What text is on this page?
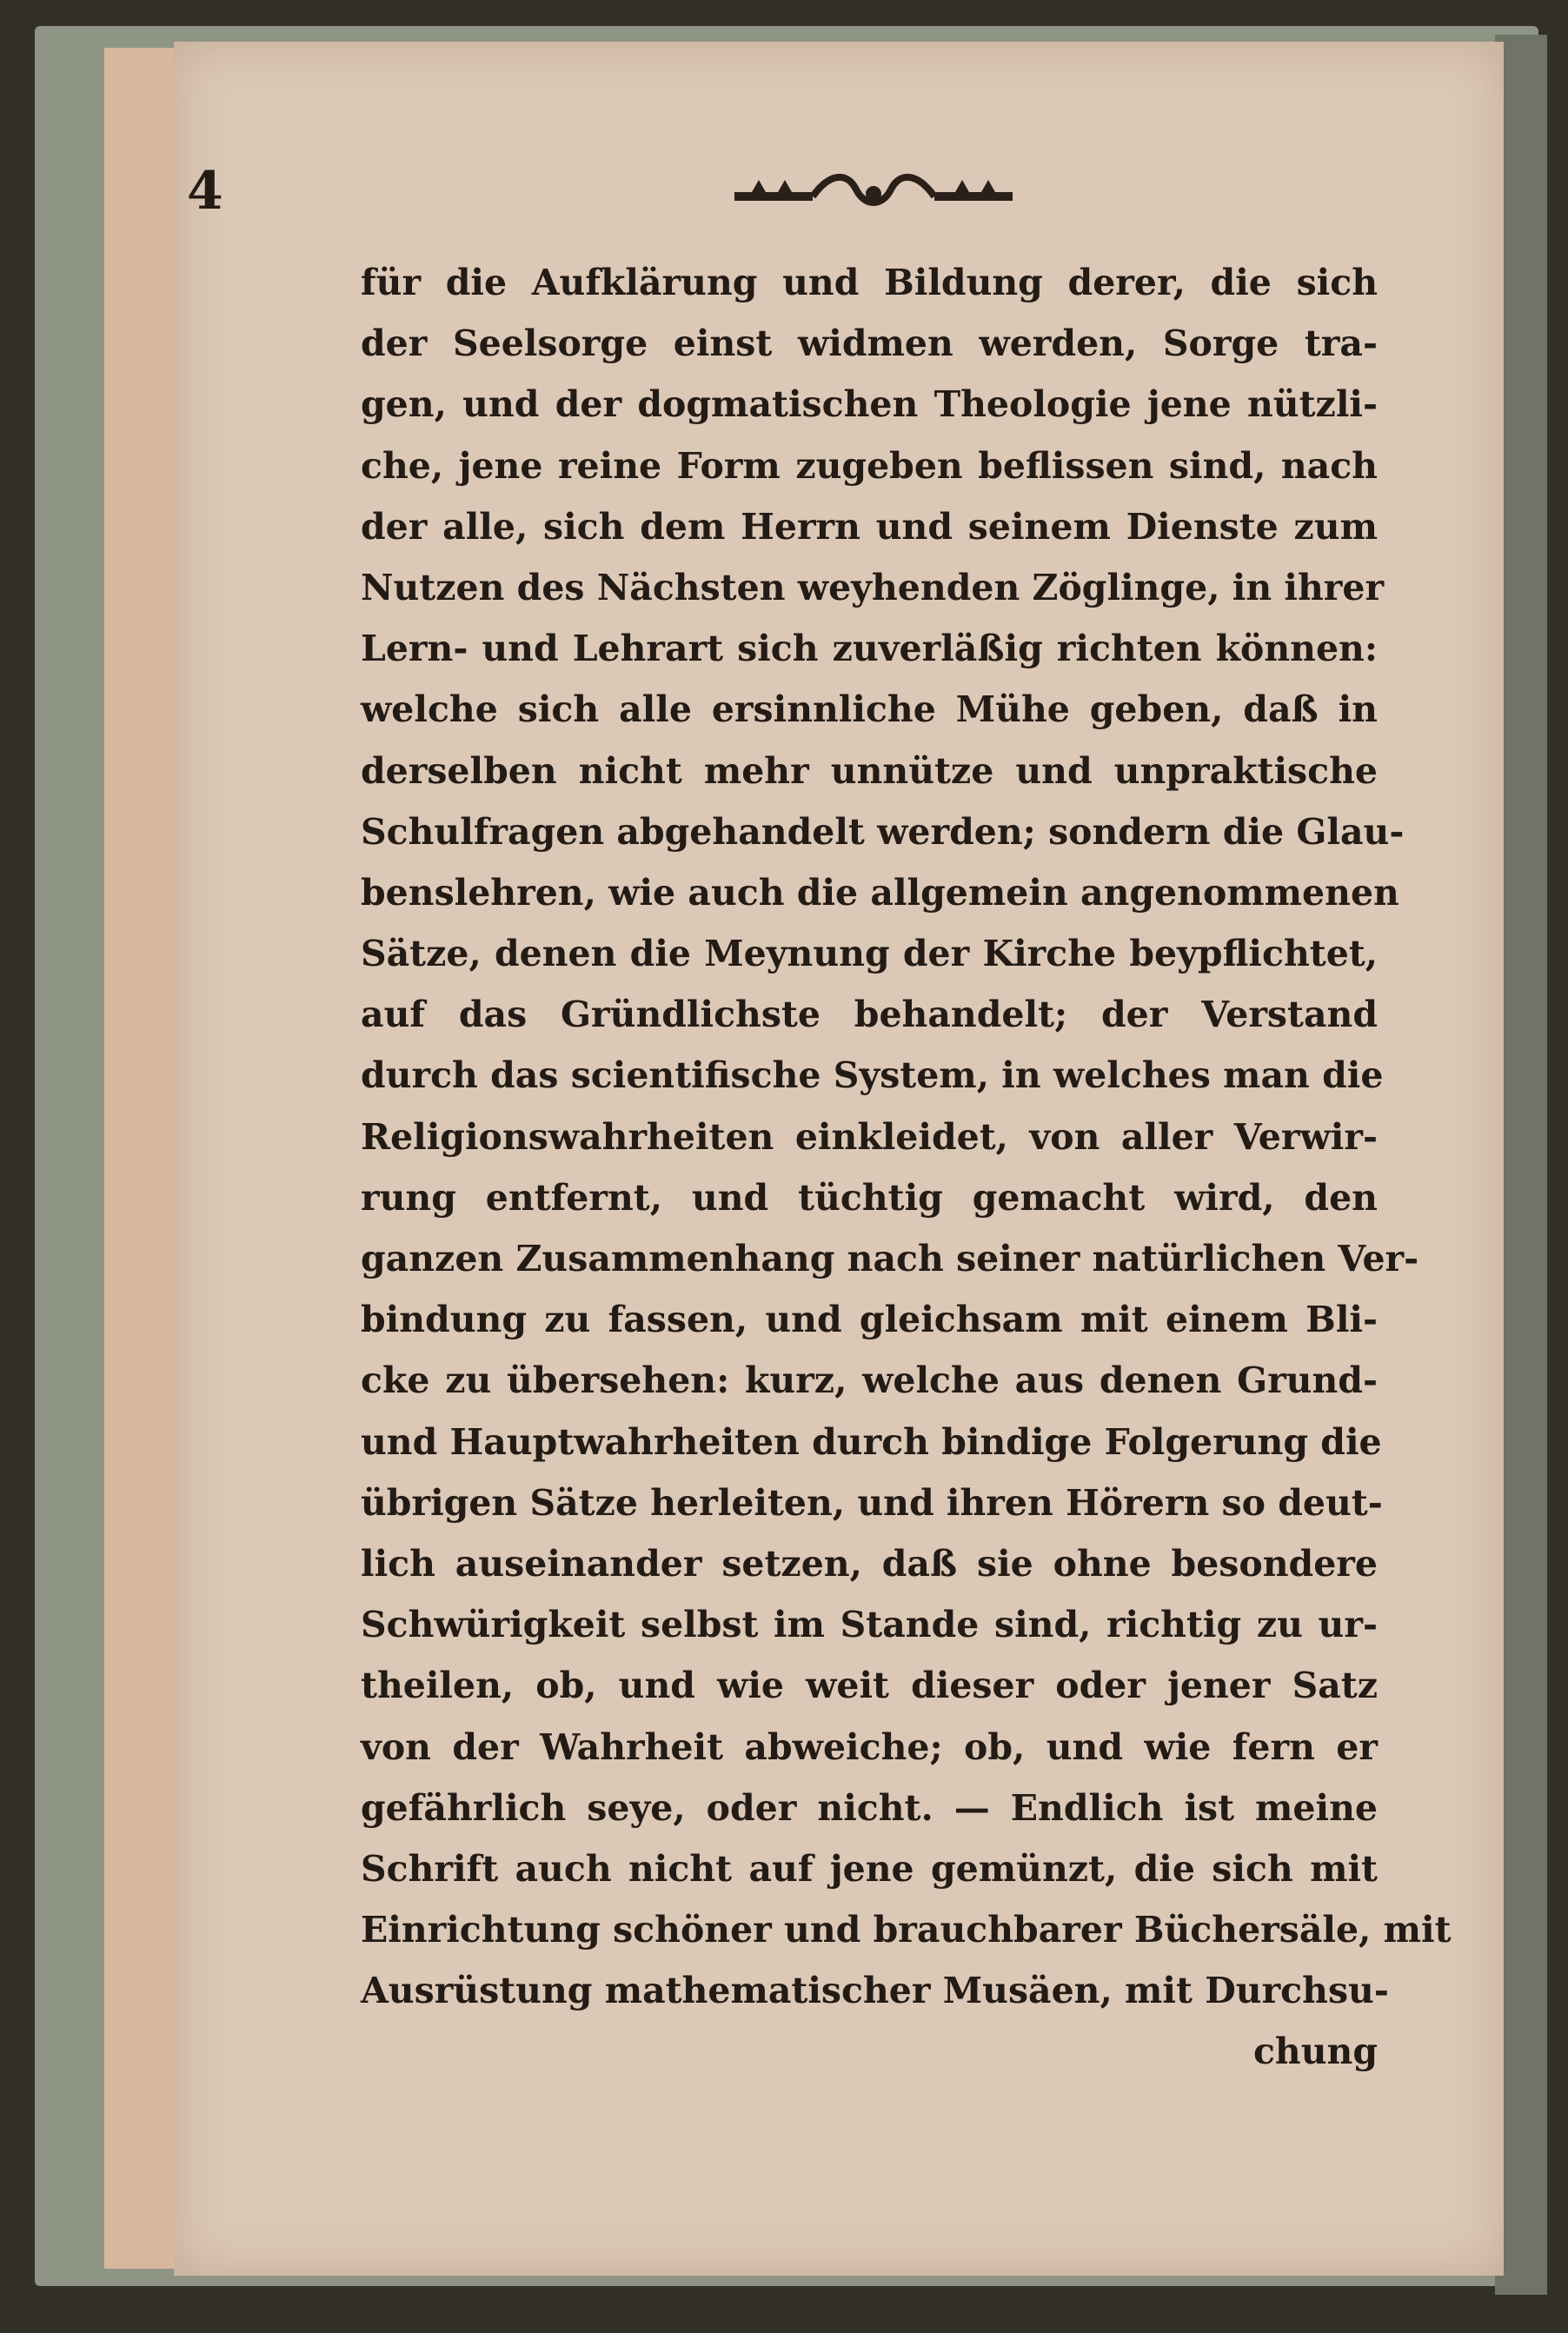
4
für die Aufklärung und Bildung derer, die sich
der Seelsorge einst widmen werden, Sorge tra-
gen, und der dogmatischen Theologie jene nützli-
che, jene reine Form zugeben beflissen sind, nach
der alle, sich dem Herrn und seinem Dienste zum
Nutzen des Nächsten weyhenden Zöglinge, in ihrer
Lern- und Lehrart sich zuverläßig richten können:
welche sich alle ersinnliche Mühe geben, daß in
derselben nicht mehr unnütze und unpraktische
Schulfragen abgehandelt werden; sondern die Glau-
benslehren, wie auch die allgemein angenommenen
Sätze, denen die Meynung der Kirche beypflichtet,
auf das Gründlichste behandelt; der Verstand
durch das scientifische System, in welches man die
Religionswahrheiten einkleidet, von aller Verwir-
rung entfernt, und tüchtig gemacht wird, den
ganzen Zusammenhang nach seiner natürlichen Ver-
bindung zu fassen, und gleichsam mit einem Bli-
cke zu übersehen: kurz, welche aus denen Grund-
und Hauptwahrheiten durch bindige Folgerung die
übrigen Sätze herleiten, und ihren Hörern so deut-
lich auseinander setzen, daß sie ohne besondere
Schwürigkeit selbst im Stande sind, richtig zu ur-
theilen, ob, und wie weit dieser oder jener Satz
von der Wahrheit abweiche; ob, und wie fern er
gefährlich seye, oder nicht. — Endlich ist meine
Schrift auch nicht auf jene gemünzt, die sich mit
Einrichtung schöner und brauchbarer Büchersäle, mit
Ausrüstung mathematischer Musäen, mit Durchsu-
chung
